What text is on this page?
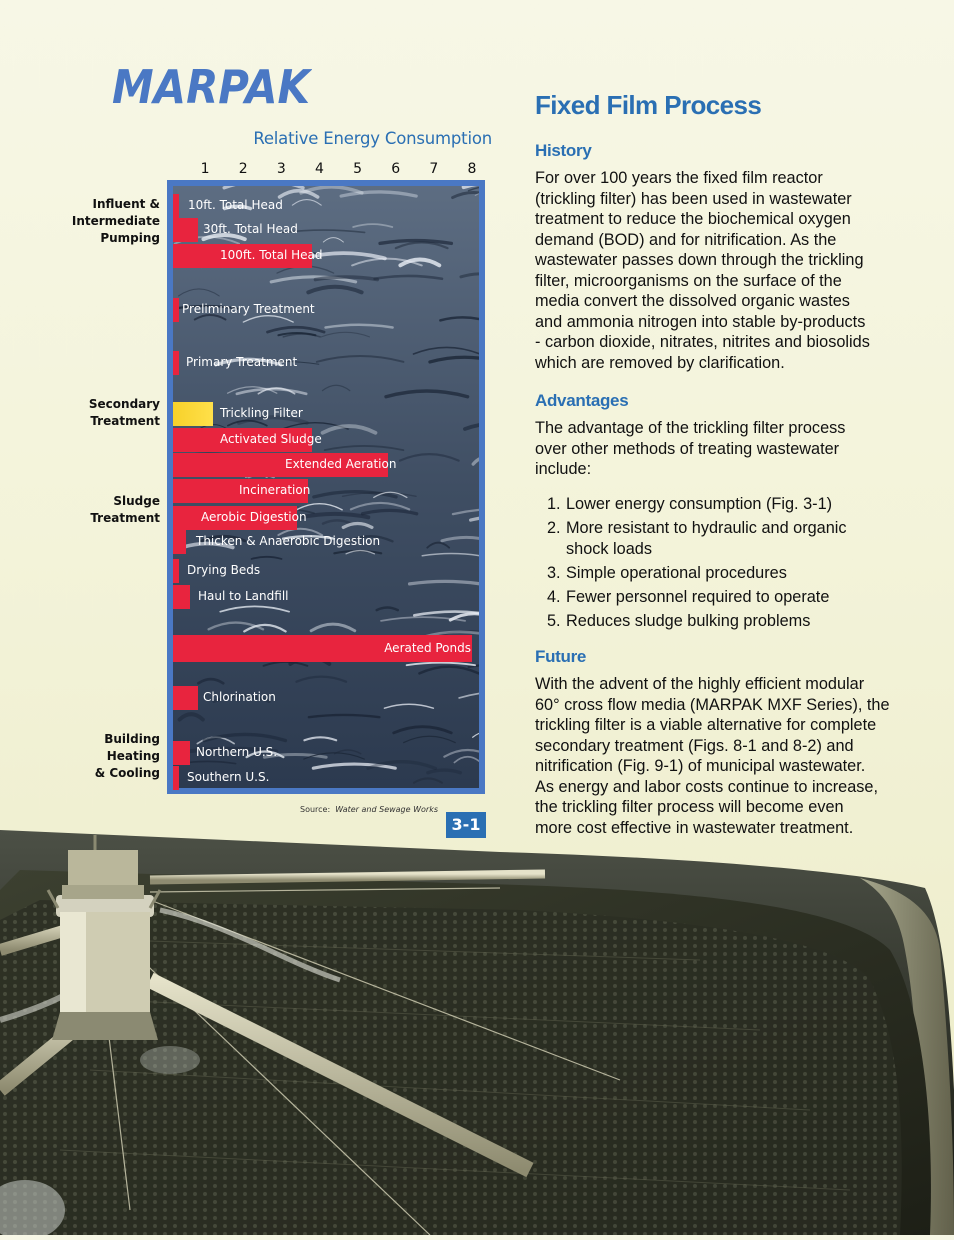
MARPAK
Relative Energy Consumption
1 2 3 4 5 6 7 8
Influent &
Intermediate
Pumping
Secondary
Treatment
Sludge
Treatment
Building
Heating
& Cooling
10ft. Total Head
30ft. Total Head
100ft. Total Head
Preliminary Treatment
Primary Treatment
Trickling Filter
Activated Sludge
Extended Aeration
Incineration
Aerobic Digestion
Thicken & Anaerobic Digestion
Drying Beds
Haul to Landfill
Aerated Ponds
Chlorination
Northern U.S.
Southern U.S.
Source: Water and Sewage Works
3-1
Fixed Film Process
History
For over 100 years the fixed film reactor
(trickling filter) has been used in wastewater
treatment to reduce the biochemical oxygen
demand (BOD) and for nitrification. As the
wastewater passes down through the trickling
filter, microorganisms on the surface of the
media convert the dissolved organic wastes
and ammonia nitrogen into stable by-products
- carbon dioxide, nitrates, nitrites and biosolids
which are removed by clarification.
Advantages
The advantage of the trickling filter process
over other methods of treating wastewater
include:
1. Lower energy consumption (Fig. 3-1)
2. More resistant to hydraulic and organic
shock loads
3. Simple operational procedures
4. Fewer personnel required to operate
5. Reduces sludge bulking problems
Future
With the advent of the highly efficient modular
60° cross flow media (MARPAK MXF Series), the
trickling filter is a viable alternative for complete
secondary treatment (Figs. 8-1 and 8-2) and
nitrification (Fig. 9-1) of municipal wastewater.
As energy and labor costs continue to increase,
the trickling filter process will become even
more cost effective in wastewater treatment.
